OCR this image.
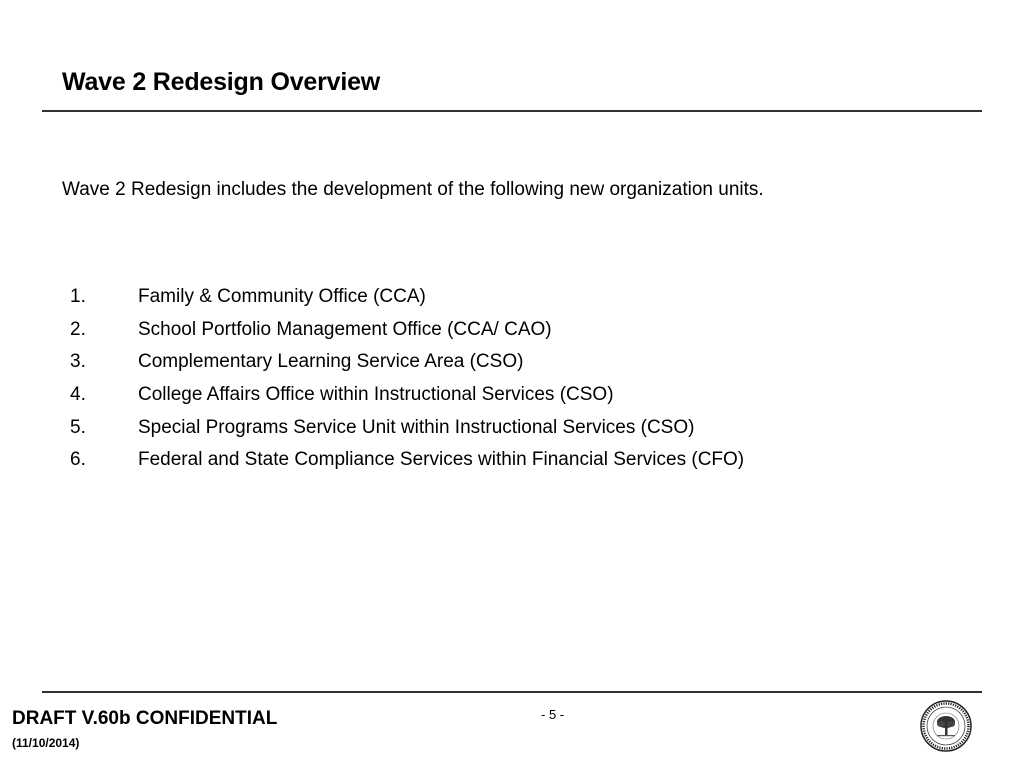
Wave 2 Redesign Overview

Wave 2 Redesign includes the development of the following new organization units.

1.	Family & Community Office (CCA)
2.	School Portfolio Management Office (CCA/ CAO)
3.	Complementary Learning Service Area (CSO)
4.	College Affairs Office within Instructional Services (CSO)
5.	Special Programs Service Unit within Instructional Services (CSO)
6.	Federal and State Compliance Services within Financial Services (CFO)

DRAFT V.60b CONFIDENTIAL

(11/10/2014)

- 5 -
